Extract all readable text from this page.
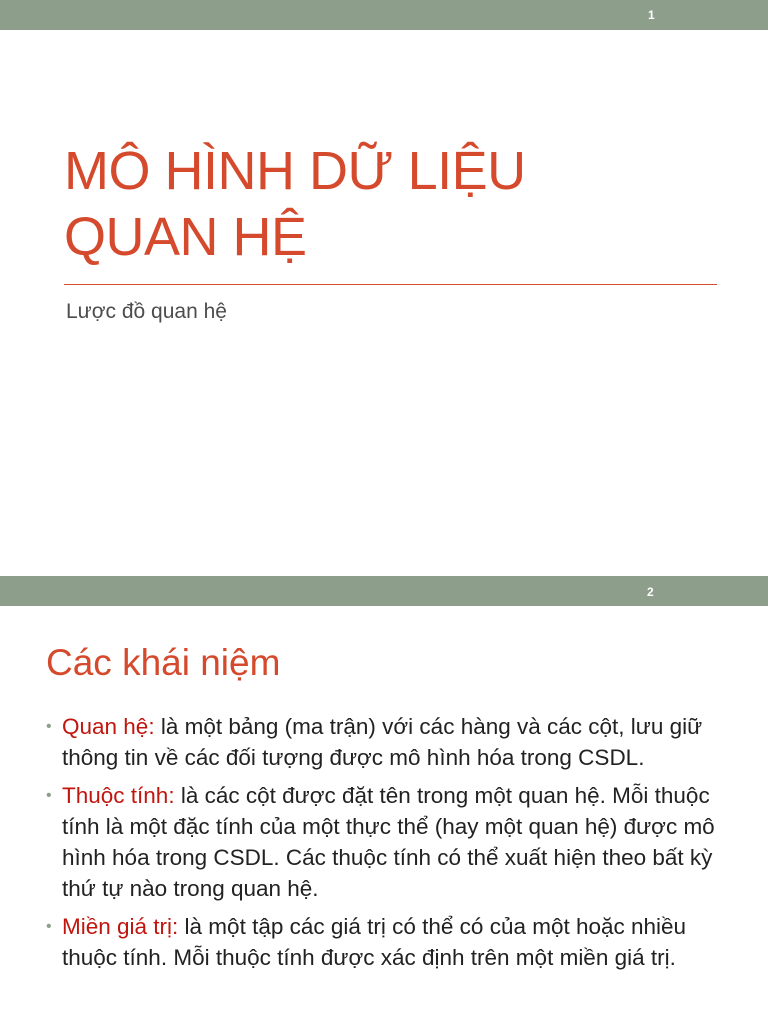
1
MÔ HÌNH DỮ LIỆU
QUAN HỆ
Lược đồ quan hệ
2
Các khái niệm
• Quan hệ: là một bảng (ma trận) với các hàng và các cột, lưu giữ thông tin về các đối tượng được mô hình hóa trong CSDL.
• Thuộc tính: là các cột được đặt tên trong một quan hệ. Mỗi thuộc tính là một đặc tính của một thực thể (hay một quan hệ) được mô hình hóa trong CSDL. Các thuộc tính có thể xuất hiện theo bất kỳ thứ tự nào trong quan hệ.
• Miền giá trị: là một tập các giá trị có thể có của một hoặc nhiều thuộc tính. Mỗi thuộc tính được xác định trên một miền giá trị.
